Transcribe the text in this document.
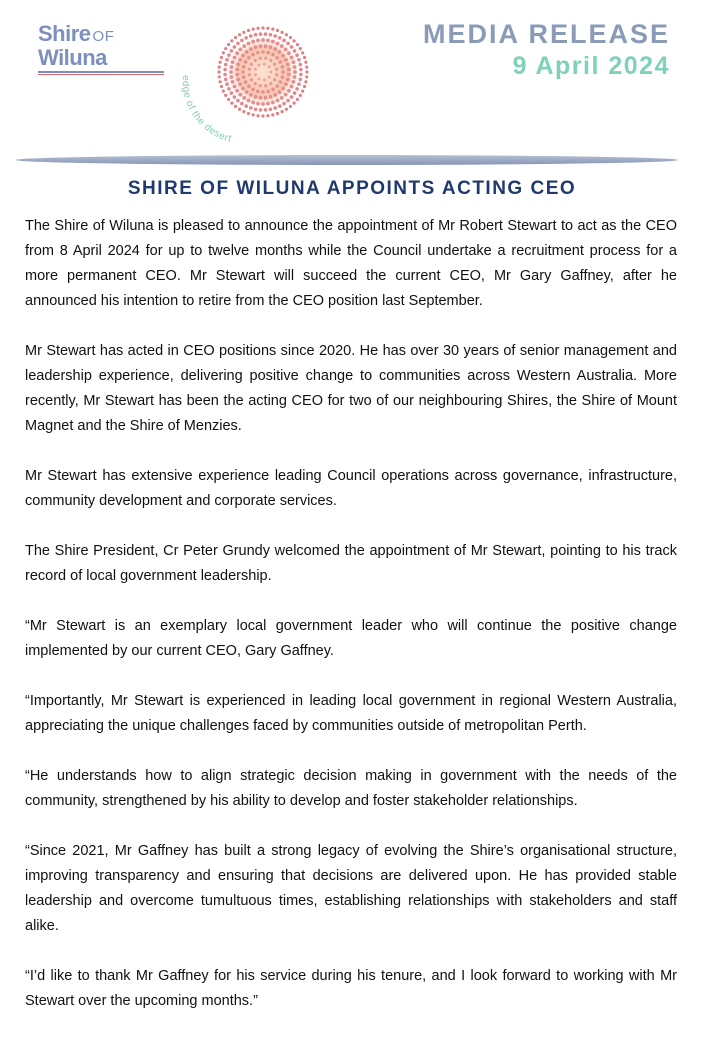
Shire OF
Wiluna
edge of the desert
MEDIA RELEASE
9 April 2024
SHIRE OF WILUNA APPOINTS ACTING CEO

The Shire of Wiluna is pleased to announce the appointment of Mr Robert Stewart to act as the CEO from 8 April 2024 for up to twelve months while the Council undertake a recruitment process for a more permanent CEO. Mr Stewart will succeed the current CEO, Mr Gary Gaffney, after he announced his intention to retire from the CEO position last September.

Mr Stewart has acted in CEO positions since 2020. He has over 30 years of senior management and leadership experience, delivering positive change to communities across Western Australia. More recently, Mr Stewart has been the acting CEO for two of our neighbouring Shires, the Shire of Mount Magnet and the Shire of Menzies.

Mr Stewart has extensive experience leading Council operations across governance, infrastructure, community development and corporate services.

The Shire President, Cr Peter Grundy welcomed the appointment of Mr Stewart, pointing to his track record of local government leadership.

“Mr Stewart is an exemplary local government leader who will continue the positive change implemented by our current CEO, Gary Gaffney.

“Importantly, Mr Stewart is experienced in leading local government in regional Western Australia, appreciating the unique challenges faced by communities outside of metropolitan Perth.

“He understands how to align strategic decision making in government with the needs of the community, strengthened by his ability to develop and foster stakeholder relationships.

“Since 2021, Mr Gaffney has built a strong legacy of evolving the Shire’s organisational structure, improving transparency and ensuring that decisions are delivered upon. He has provided stable leadership and overcome tumultuous times, establishing relationships with stakeholders and staff alike.

“I’d like to thank Mr Gaffney for his service during his tenure, and I look forward to working with Mr Stewart over the upcoming months.”
